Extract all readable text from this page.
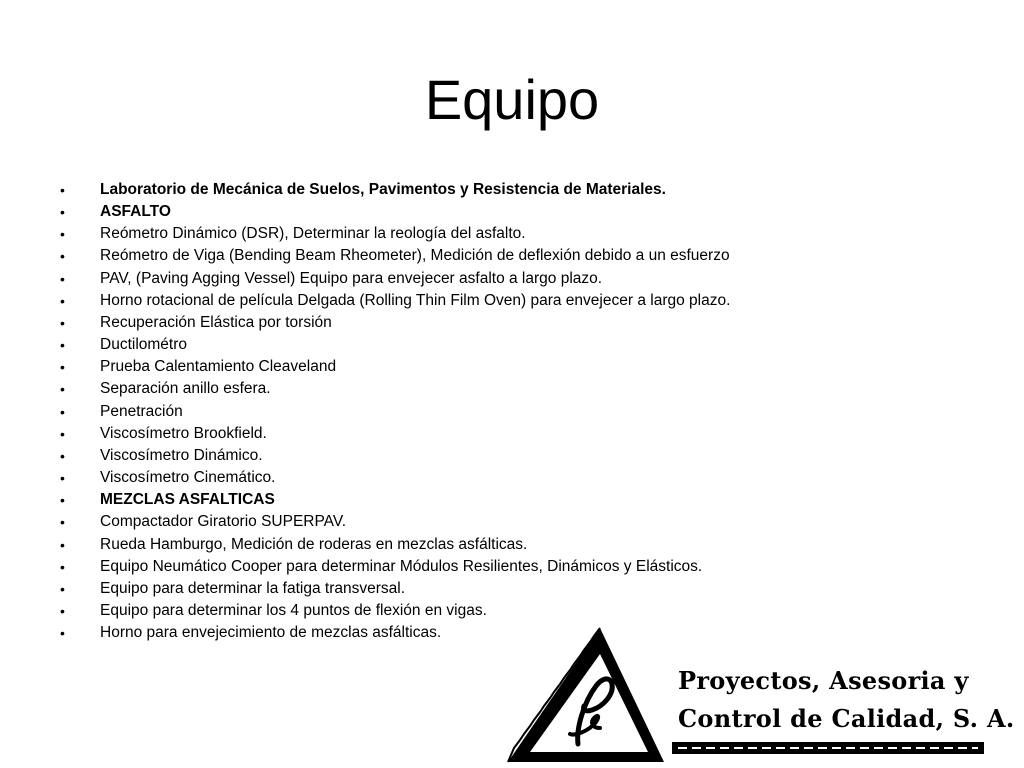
Equipo
• Laboratorio de Mecánica de Suelos, Pavimentos y Resistencia de Materiales.
• ASFALTO
• Reómetro Dinámico (DSR), Determinar la reología del asfalto.
• Reómetro de Viga (Bending Beam Rheometer), Medición de deflexión debido a un esfuerzo
• PAV, (Paving Agging Vessel) Equipo para envejecer asfalto a largo plazo.
• Horno rotacional de película Delgada (Rolling Thin Film Oven) para envejecer a largo plazo.
• Recuperación Elástica por torsión
• Ductilométro
• Prueba Calentamiento Cleaveland
• Separación anillo esfera.
• Penetración
• Viscosímetro Brookfield.
• Viscosímetro Dinámico.
• Viscosímetro Cinemático.
• MEZCLAS ASFALTICAS
• Compactador Giratorio SUPERPAV.
• Rueda Hamburgo, Medición de roderas en mezclas asfálticas.
• Equipo Neumático Cooper para determinar Módulos Resilientes, Dinámicos y Elásticos.
• Equipo para determinar la fatiga transversal.
• Equipo para determinar los 4 puntos de flexión en vigas.
• Horno para envejecimiento de mezclas asfálticas.
Proyectos, Asesoria y
Control de Calidad, S. A.
